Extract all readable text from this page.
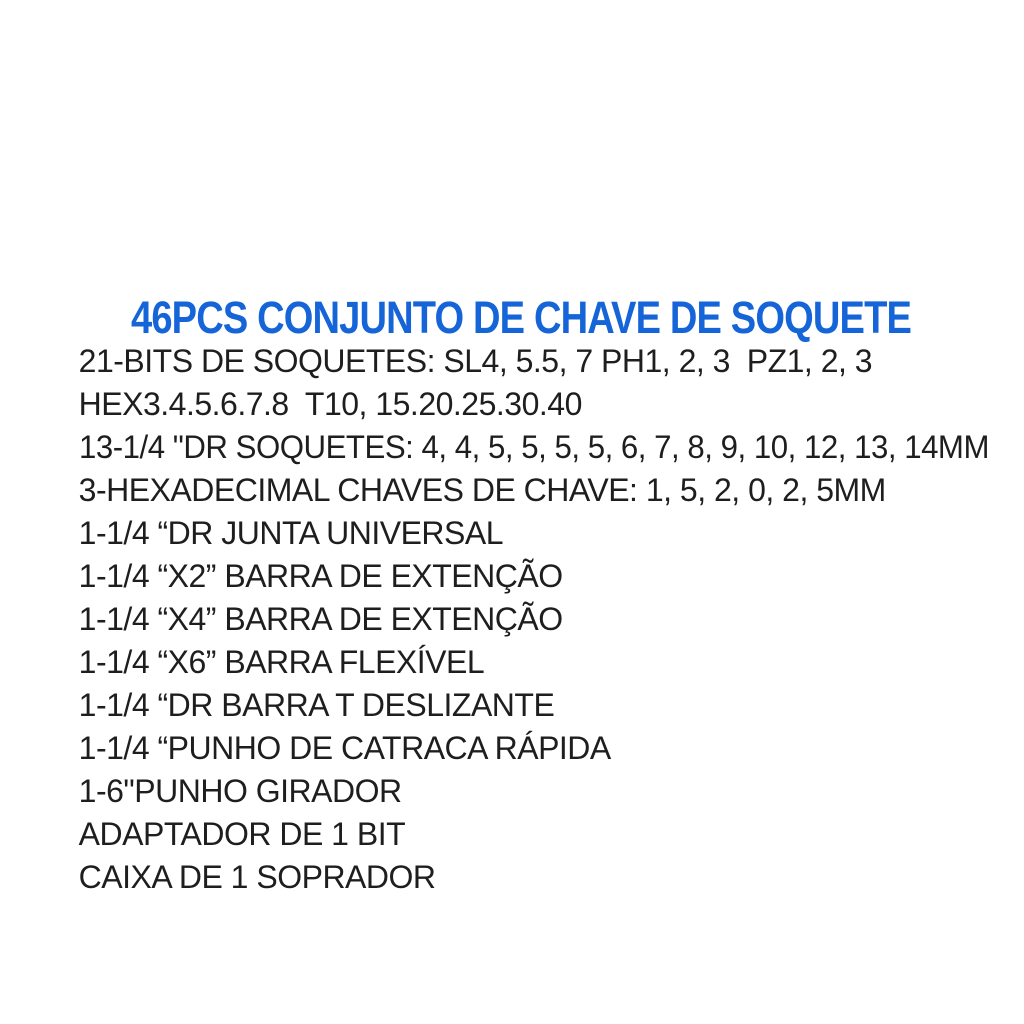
46PCS CONJUNTO DE CHAVE DE SOQUETE

21-BITS DE SOQUETES: SL4, 5.5, 7 PH1, 2, 3  PZ1, 2, 3

HEX3.4.5.6.7.8  T10, 15.20.25.30.40

13-1/4 "DR SOQUETES: 4, 4, 5, 5, 5, 5, 6, 7, 8, 9, 10, 12, 13, 14MM

3-HEXADECIMAL CHAVES DE CHAVE: 1, 5, 2, 0, 2, 5MM

1-1/4 “DR JUNTA UNIVERSAL

1-1/4 “X2” BARRA DE EXTENÇÃO

1-1/4 “X4” BARRA DE EXTENÇÃO

1-1/4 “X6” BARRA FLEXÍVEL

1-1/4 “DR BARRA T DESLIZANTE

1-1/4 “PUNHO DE CATRACA RÁPIDA

1-6"PUNHO GIRADOR

ADAPTADOR DE 1 BIT

CAIXA DE 1 SOPRADOR
